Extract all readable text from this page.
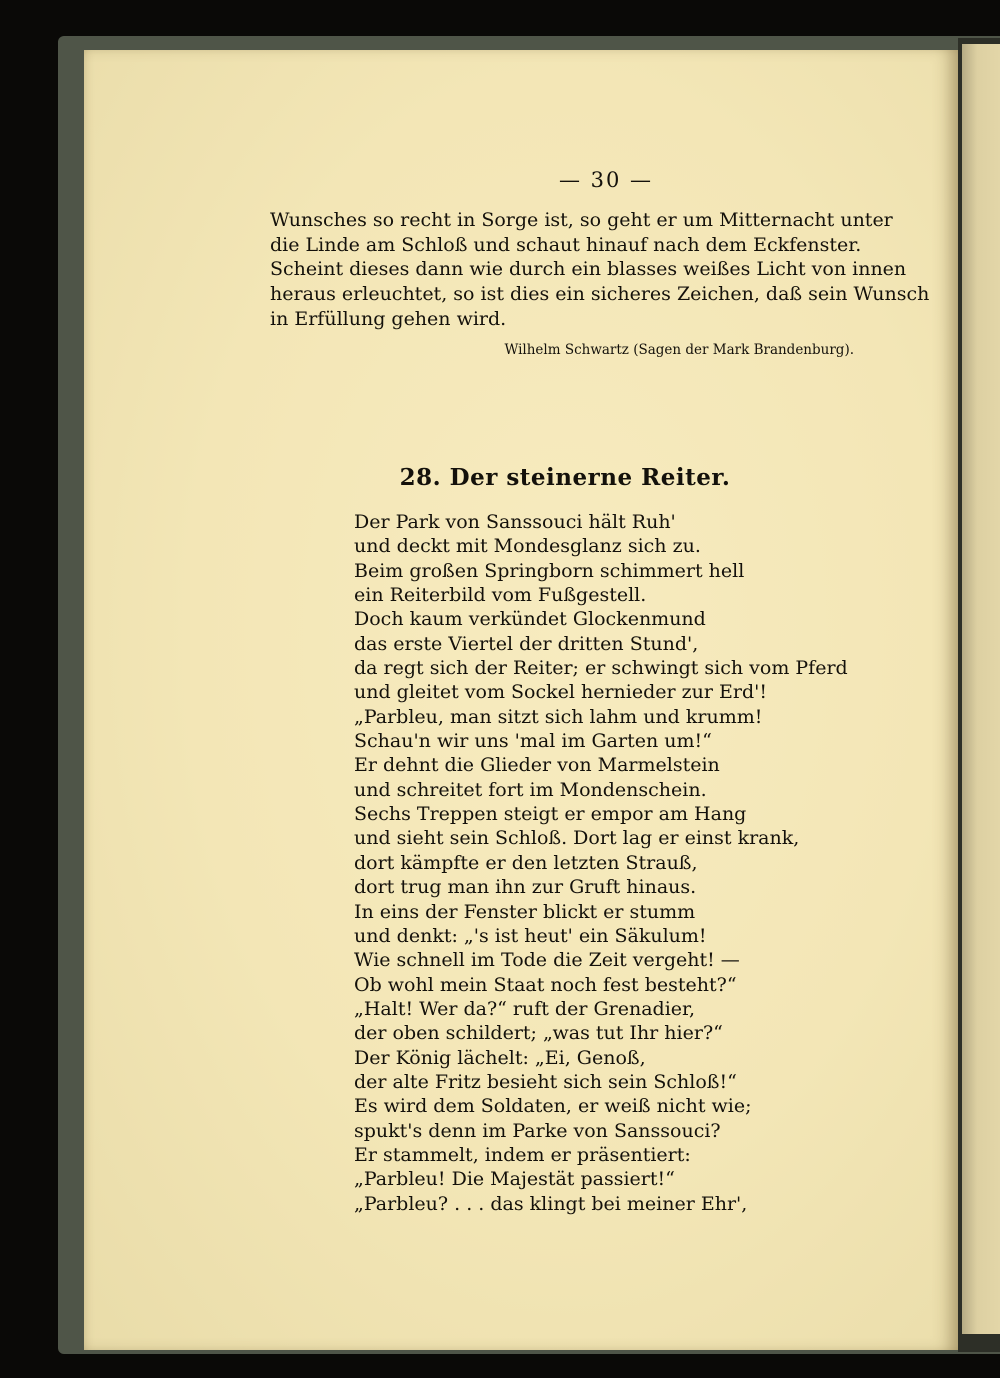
— 30 —
Wunsches so recht in Sorge ist, so geht er um Mitternacht unter
die Linde am Schloß und schaut hinauf nach dem Eckfenster.
Scheint dieses dann wie durch ein blasses weißes Licht von innen
heraus erleuchtet, so ist dies ein sicheres Zeichen, daß sein Wunsch
in Erfüllung gehen wird.
Wilhelm Schwartz (Sagen der Mark Brandenburg).
28. Der steinerne Reiter.
Der Park von Sanssouci hält Ruh'
und deckt mit Mondesglanz sich zu.
Beim großen Springborn schimmert hell
ein Reiterbild vom Fußgestell.
Doch kaum verkündet Glockenmund
das erste Viertel der dritten Stund',
da regt sich der Reiter; er schwingt sich vom Pferd
und gleitet vom Sockel hernieder zur Erd'!
„Parbleu, man sitzt sich lahm und krumm!
Schau'n wir uns 'mal im Garten um!“
Er dehnt die Glieder von Marmelstein
und schreitet fort im Mondenschein.
Sechs Treppen steigt er empor am Hang
und sieht sein Schloß. Dort lag er einst krank,
dort kämpfte er den letzten Strauß,
dort trug man ihn zur Gruft hinaus.
In eins der Fenster blickt er stumm
und denkt: „'s ist heut' ein Säkulum!
Wie schnell im Tode die Zeit vergeht! —
Ob wohl mein Staat noch fest besteht?“
„Halt! Wer da?“ ruft der Grenadier,
der oben schildert; „was tut Ihr hier?“
Der König lächelt: „Ei, Genoß,
der alte Fritz besieht sich sein Schloß!“
Es wird dem Soldaten, er weiß nicht wie;
spukt's denn im Parke von Sanssouci?
Er stammelt, indem er präsentiert:
„Parbleu! Die Majestät passiert!“
„Parbleu? . . . das klingt bei meiner Ehr',
